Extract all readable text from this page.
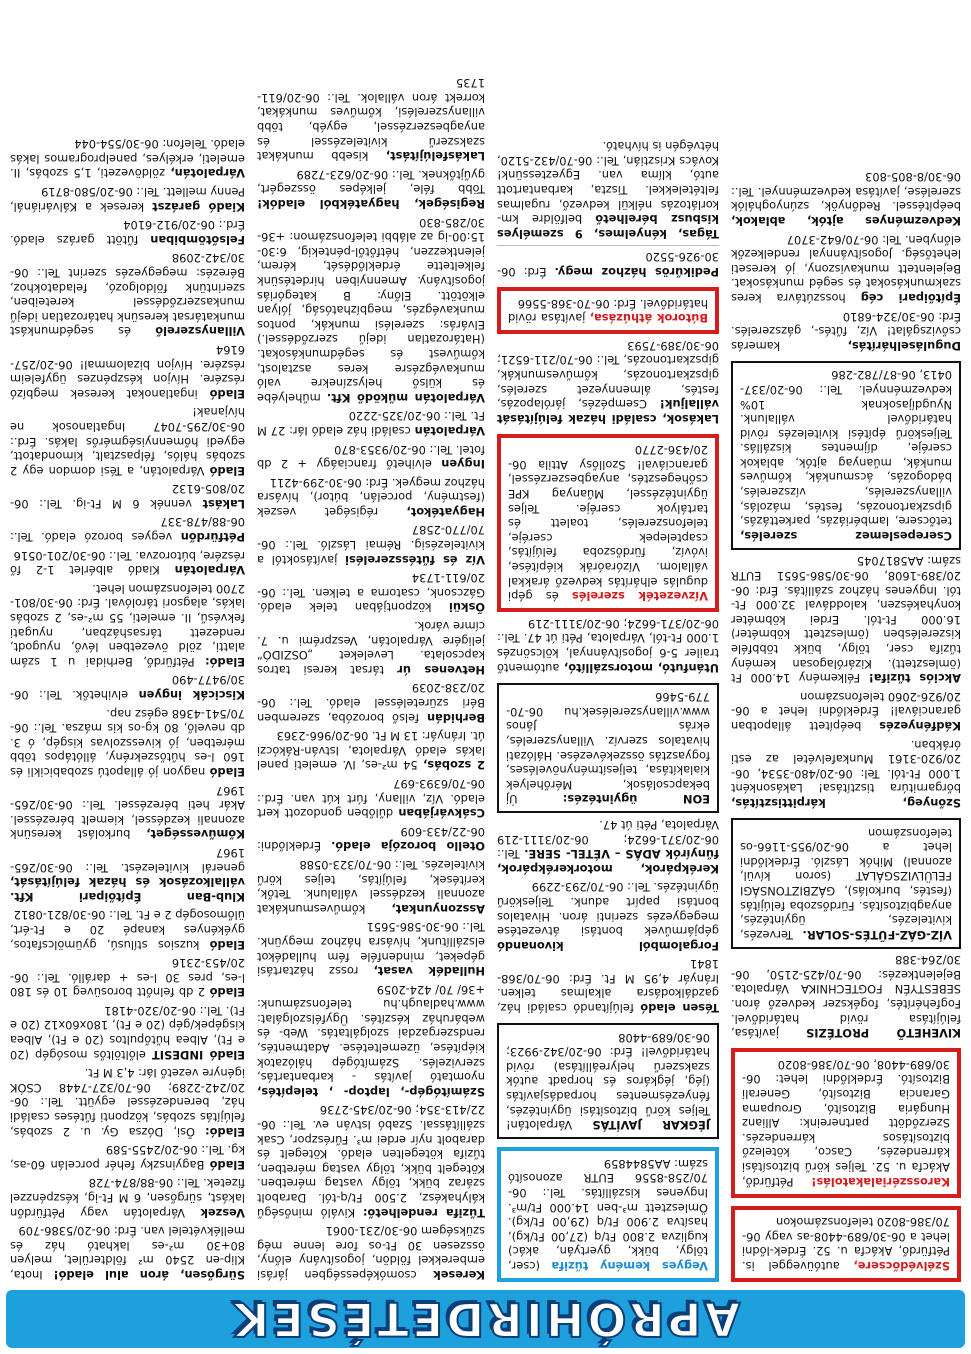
APRÓHIRDETÉSEK

Szélvédőcsere, autóüveggel is. Pétfürdő, Akácfa u. 52. Érdek-lődni lehet a 06-30/689-4408-as vagy 06-70/386-8020 telefonszámokon

Karosszérialakatolás! Pétfürdő, Akácfa u. 52. Teljes körű biztosítási kárrendezés, Casco, kötelező biztosításos kárrendezés. Szerződött partnereink: Allianz Hungária Biztosító, Groupama Garancia Biztosító, Generali Biztosító. Érdeklődni lehet: 06-30/689-4408, 06-70/386-8020

KIVEHETŐ PROTÉZIS javítása, felújítása rövid határidővel. Fogfehérítés, fogékszer kedvező áron. SEBESTYÉN FOGTECHNIKA Várpalota. Bejelentkezés: 06-70/425-2150, 06-30/264-388

VÍZ-GÁZ-FŰTÉS-SOLAR. Tervezés, kivitelezés, ügyintézés, anyagbiztosítás. Fürdőszoba felújítás (festés, burkolás), GÁZBIZTONSÁGI FELÜLVIZSGÁLAT (soron kívül, azonnal) Mihók László. Érdeklődni lehet a 06-20/955-1166-os telefonszámon

Szőnyeg, kárpittisztítás, bőrgarnitúra tisztítása! Lakásonként 1.000 Ft-tól. Tel: 06-20/480-3534, 06-20/920-3161 Munkafelvétel az esti órákban.

Kádfényezés beépített állapotban garanciával! Érdeklődni lehet a 06-20/926-2060 telefonszámon

Akciós tűzifa! Félkemény 14.000 Ft (ömlesztett). Kizárólagosan kemény tűzifa cser, tölgy, bükk többféle kiszerelésben (ömlesztett köbméter) 16.000 Ft-tól. Erdei köbméter konyhakészen, kaloddával 32.000 Ft-tól. Ingyenes házhoz szállítás. Érd: 06-20/389-1608, 06-30/586-5651 EUTR szám: AA5817045

Cserepeslemez szerelés, tetőcsere, lambériázás, parkettázás, gipszkartonozás, festés, mázolás, villanyszerelés, vízszerelés, bádogozás, ácsmunkák, kőműves munkák, műanyag ajtók, ablakok cseréje, díjmentes kiszállás. Teljeskörű építési kivitelezés rövid határidővel vállalunk. Nyugdíjasoknak 10% kedvezménnyel. Tel.: 06-20/337-0413, 06-87/782-286

Duguláselhárítás, kamerás csővizsgálat! Víz, fűtés-, gázszerelés. Érd: 06-30/324-6810

Építőipari cég hosszútávra keres szakmunkásokat és segéd munkásokat. Bejelentett munkaviszony, jó kereseti lehetőség. Jogosítvánnyal rendelkezők előnyben. Tel: 06-70/642-3707

Kedvezményes ajtók, ablakok, beépítéssel. Redőnyök, szúnyoghálók szerelése, javítása kedvezménnyel. Tel.: 06-30/8-805-803

Vegyes kemény tűzifa (cser, tölgy, bükk, gyertyán, akác) kuglizva 2.800 Ft/q (27,00 Ft/kg), hasítva 2.900 Ft/q (29,00 Ft/kg). Ömlesztett m³-ben 14.000 Ft/m³. Ingyenes kiszállítás. Tel.: 06-70/258-8556 EUTR azonosító szám: AA5844859

JÉGKAR JAVÍTÁS Várpalotán! Teljes körű biztosítási ügyintézés, fényezésmentes horpadásjavítás (jég, jégkáros és horpadt autók szakszerű helyreállítása) rövid határidővel! Érd: 06-20/342-9923; 06-30/689-4408

Tésen eladó felújítandó családi ház, gazdálkodásra alkalmas telken. Irányár 4,95 M Ft. Érd: 06-70/368-1841

Forgalomból kivonandó gépjárművek bontási átvezetése megegyezés szerinti áron. Hivatalos bontási papírt adunk. Teljeskörű ügyintézés. Tel.: 06-70/293-2299

Kerékpárok, motorkerékpárok, fűnyírók ADÁS – VÉTEL- SERE. Tel.: 06-20/371-6624; 06-20/3111-219 Várpalota, Péti út 47.

EON ügyintézés: Új bekapcsolások, Mérőhelyek kialakítása, teljesítménynöveléses, fogyasztás összekévezése. Hálózati hivatalos szervíz. Villanyszerelés, ekrás János www.villanyszerelések.hu 06-70-779-5466

Utánfutó, motorszállító, autómentő trailer 5-6 jogosítvánnyal, kölcsönzés 1.000 Ft-tól, Várpalota, Péti út 47. Tel.: 06-20/371-6624; 06-20/3111-219

Vízvezeték szerelés és gépi dugulás elhárítás kedvező árakkal vállalom. Vízóraórák kiépítése, ivóvíz, fürdőszoba felújítás, csaptelepek cseréje, telefonszerelés, toalett és tartályok cseréje. Teljes ügyintézéssel, Műanyag KPE csőhegesztés, anyagbeszerzéssel, garanciával! Szollősy Attila 06-20/436-2770

Lakások, családi házak felújítását vállaljuk! Csempézés, járólapozás, festés, álmennyezet szerelés, gipszkartonozás, kőművesmunkák, gipszkartonozás, Tel.: 06-70/211-6521; 06-30/389-7593

Bútorok áthúzása, javítása rövid határidővel. Érd: 06-70-368-5566

Pedikűrös házhoz megy. Érd: 06-30-926-5520

Tágas, kényelmes, 9 személyes kisbusz bérelhető belföldre km-korlátozás nélkül kedvező, rugalmas feltételekkel. Tiszta, karbantartott autó, klíma van. Egyeztessünk! Kovács Krisztián, Tel.: 06-70/432-5120, hétvégén is hívható.

Keresek csomóképességben járási emberekkel földön, jogosítvány előny, összesen 30 Ft-os fore lenne még szükségem 06-30/231-0061

Tűzifa rendelhető: Kiváló minőségű kályhakész, 2.500 Ft/q-tól. Darabolt száraz bükk, tölgy vastag méretben. Kötegelt bükk, tölgy vastag méretben, tűzifa kötegelten eladó. Kötegelt és darabolt nyír erdei m³. Fűrészpor, Csak szállítással. Szabó István ev. Tel.: 06-22/413-354; 06-20/345-2736

Számítógép-, laptop- , telepítés, nyomtató javítás - karbantartás, szervizelés. Számítógép hálózatok kiépítése, üzemeltetése. Adatmentés, rendszergazdai szolgáltatás. Web- és webáruház készítés. Ügyfélszolgálat: www.hadlaugh.hu telefonszámunk: +36/ 70/ 424-2059

Hulladék vasat, rossz háztartási gépeket, mindenféle fém hulladékot elszállítunk, hívásra házhoz megyünk. Tel.: 06-30-586-5651

Asszonyunkat, kőművesmunkákat azonnali kezdéssel vállalunk. Tetők, kerítések, felújítás, teljes körű kivitelezés. Tel.: 06-70/323-0588

Otello borozója eladó. Érdeklődni: 06-22/433-609

Csákvárjában dűlőben gondozott kert eladó. Víz, villany, fúrt kút van. Érd.: 06-70/6393-697

2 szobás, 54 m²-es, IV. emeleti panel lakás eladó Várpalota, István-Rákóczi út. Irányár: 13 M Ft. 06-20/966-2363

Berhidán felső borozóba, szeremben Béri szüreteléssel eladó. Tel.: 06-20/238-2039

Hetvenes úr társat keresi tatros kapcsolata. Leveleket „OSZIDÓ” jeligére Várpalotán, Veszprémi u. 7. címre várok.

Ősküi központjában telek eladó. Gázcsonk, csatorna a telken. Tel.: 06-20/611-1734

Víz és fűtésszerelési javításoktól a kivitelezésig. Rémai László. Tel.: 06-70/770-2587

Hagyatékot, régiséget veszek (festmény, porcelán, bútor), hívásra házhoz megyek. Érd: 06-30-299-4211

Ingyen elvihető franciaágy + 2 db fotel. Tel.: 06-20/9353-870

Várpalotán családi ház eladó Iár: 27 M Ft. Tel.: 06-20/325-2220

Várpalotán működő Kft. műhelyébe és külső helyszínekre való munkavégzésre keres asztalost, kőművest és segédmunkásokat. (Határozatlan idejű szerződéssel.) Elvárás: szerelési munkák, pontos munkavégzés, megbízhatóság, jólyan elkötött. Előny: B kategóriás jogosítvány. Amennyiben hirdetésünk felkeltette érdeklődését, kérem, jelentkezzen, hétfőtől-péntekig, 6:30-15:00-ig az alábbi telefonszámon: +36-30/285-830

Regiségek, hagyatékból eladók! Több féle, jelképes összegért, gyűjtőknek. Tel.: 06-20/623-7289

Lakásfelújítást, kisebb munkákat szakszerű kivitelezéssel és anyagbeszerzéssel, egyéb, több villanyszerelési, kőműves munkákat, korrekt áron vállalok. Tel.: 06-20/611-1735

Sürgősen, áron alul eladó! Inota, Klip-en 2540 m² földterület, melyen 80+30 m²-es lakható ház és mellékvételel van. Érd: 06-20/5386-709

Veszek Várpalotán vagy Pétfürdőn lakást, sürgősen, 6 M Ft-ig, készpénzzel fizetek. Tel.: 06-88/874-728

Eladó Bagyinszky fehér porcelán 60-as, kg. Tel.: 06-20/2455-589

Eladó: Ősi, Dózsa Gy. u. 2 szobás, felújítás szobás, központi fűtéses családi ház, berendezéssel együtt. Tel.: 06-20/242-2289; 06-70/327-7448 CSÓK igényre vezető Iár: 4,3 M Ft.

Eladó INDESIT előltöltős mosógép (20 e Ft), Albea hűtőpultos (20 e Ft), Albea kisgépek/gép (20 e Ft), 180x60x12 (20 e Ft). Tel.: 06-20/320-4181

Eladó 2 db felnőtt borosüveg 10 és 180 l-es, pres 30 l-es + darálló. Tel.: 06-20/453-2316

Eladó kuzsios stílusú, gyümölcsfatos, gyékényes kanapé 20 e Ft-ért, ülőmosogép 2 e Ft. Tel.: 06-30/821-0812

Klub-Ban Építőipari Kft. vállalkozások és házak felújítását, generál kivitelezést. Tel.: 06-30/265-1967

Kőművességet, burkolást keresünk azonnali kezdéssel, kiemelt bérezéssel. Akár heti bérezéssel. Tel.: 06-30/265-1967

Eladó nagyon jó állapotú szobabicikli és 160 l-es hűtőszekrény, állótápos több méretben, jó kivesszolvas kisgép, ó 3. db nevelő, 80 kg-os kis mázsa. Tel.: 06-70/541-4368 egész nap.

Kiscicák ingyen elvihetők. Tel.: 06-30/9477-490

Eladó: Pétfürdő, Berhidai u 1 szám alatti, zöld övezetben lévő, nyugodt, rendezett társasházban, nyugati fekvésű, II. emeleti, 55 m²-es, 2 szobás lakás, alagsori tárolóval. Érd: 06-30/801-2700 telefonszámon lehet.

Várpalotán Kiadó albérlet 1-2 fő részére, bútorozva. Tel.: 06-30/201-0516

Pétfürdőn vegyes borozó eladó. Tel.: 06-88/478-337

Lakást vennék 6 M Ft-ig. Tel.: 06-20/805-6132

Eladó Várpalotán, a Tési domdon egy 2 szobás hálós, félpasztalt, kimondatott, egyedi hőmennyiségmérős lakás. Érd.: 06-30/295-7047 Ingatlanosok ne hívjanak!

Eladó ingatlanokat keresek megbízó részére. Hívjon készpénzes ügyfeleim részére. Hívjon bizalommal! 06-20/257-6164

Villanyszerelő és segédmunkást munkatársat keresünk határozatlan idejű munkaszerződéssel kereteiben, szerintünk földolgozó, feladatokhoz, Bérezés: megegyezés szerint Tel.: 06-30/342-2098

Felsőtömbiban fűtött garázs eladó. Érd.: 06-20/912-6104

Kiadó garázst keresek a Kálváriánál, Penny mellett. Tel.: 06-20/580-8719

Várpalotán, zöldövezeti, 1,5 szobás, II. emeleti, erkélyes, panelprogramos lakás eladó. Telefon: 06-30/554-044
